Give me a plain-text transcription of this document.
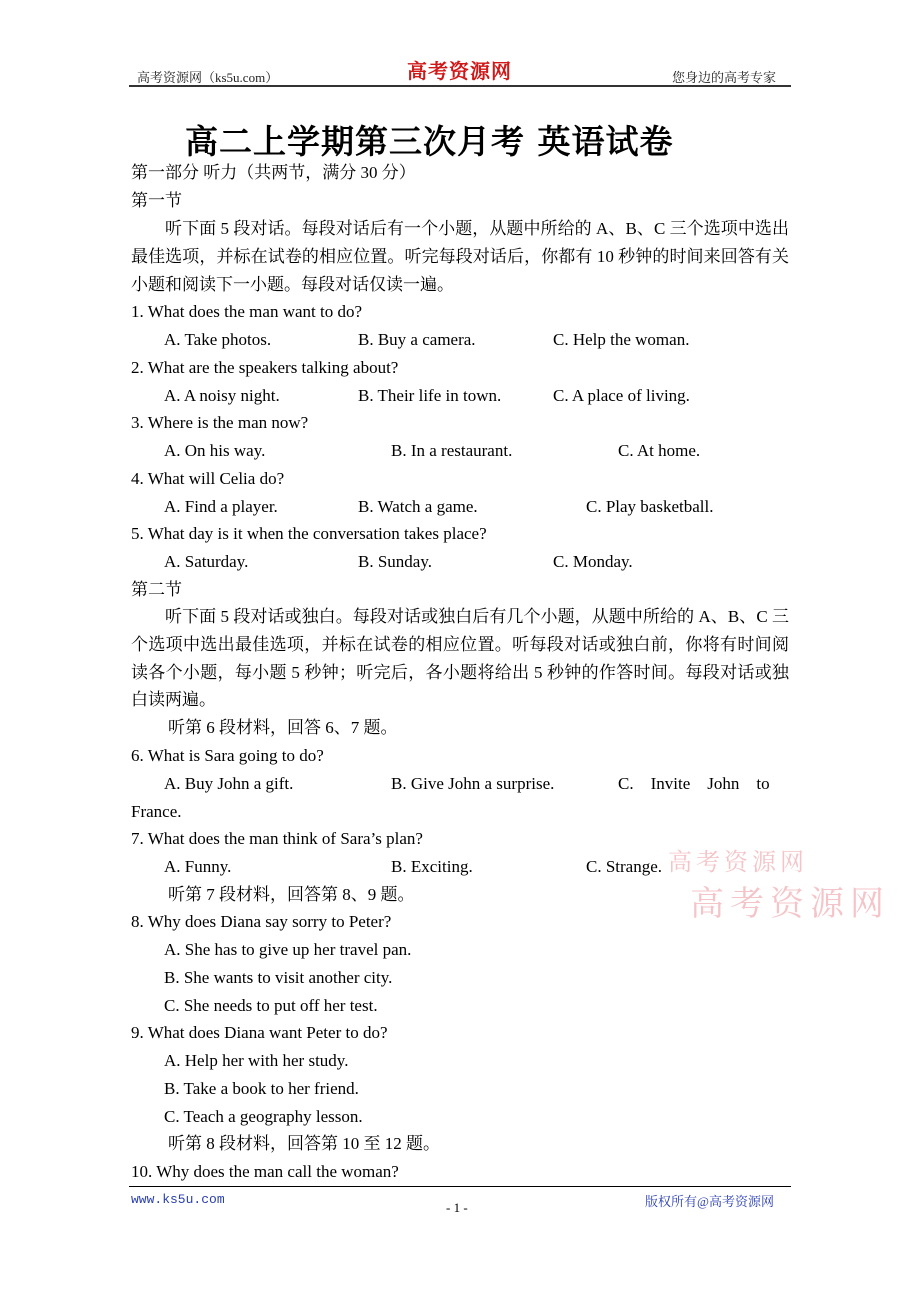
高考资源网（ks5u.com）	高考资源网	您身边的高考专家
高二上学期第三次月考 英语试卷
第一部分 听力（共两节，满分 30 分）
第一节
听下面 5 段对话。每段对话后有一个小题，从题中所给的 A、B、C 三个选项中选出最佳选项，并标在试卷的相应位置。听完每段对话后，你都有 10 秒钟的时间来回答有关小题和阅读下一小题。每段对话仅读一遍。
1. What does the man want to do?
A. Take photos.	B. Buy a camera.	C. Help the woman.
2. What are the speakers talking about?
A. A noisy night.	B. Their life in town.	C. A place of living.
3. Where is the man now?
A. On his way.	B. In a restaurant.	C. At home.
4. What will Celia do?
A. Find a player.	B. Watch a game.	C. Play basketball.
5. What day is it when the conversation takes place?
A. Saturday.	B. Sunday.	C. Monday.
第二节
听下面 5 段对话或独白。每段对话或独白后有几个小题，从题中所给的 A、B、C 三个选项中选出最佳选项，并标在试卷的相应位置。听每段对话或独白前，你将有时间阅读各个小题，每小题 5 秒钟；听完后，各小题将给出 5 秒钟的作答时间。每段对话或独白读两遍。
听第 6 段材料，回答 6、7 题。
6. What is Sara going to do?
A. Buy John a gift.	B. Give John a surprise.	C.    Invite    John    to
France.
7. What does the man think of Sara’s plan?
A. Funny.	B. Exciting.	C. Strange.
听第 7 段材料，回答第 8、9 题。
8. Why does Diana say sorry to Peter?
A. She has to give up her travel pan.
B. She wants to visit another city.
C. She needs to put off her test.
9. What does Diana want Peter to do?
A. Help her with her study.
B. Take a book to her friend.
C. Teach a geography lesson.
听第 8 段材料，回答第 10 至 12 题。
10. Why does the man call the woman?
高考资源网
高考资源网
www.ks5u.com
- 1 -	版权所有@高考资源网
